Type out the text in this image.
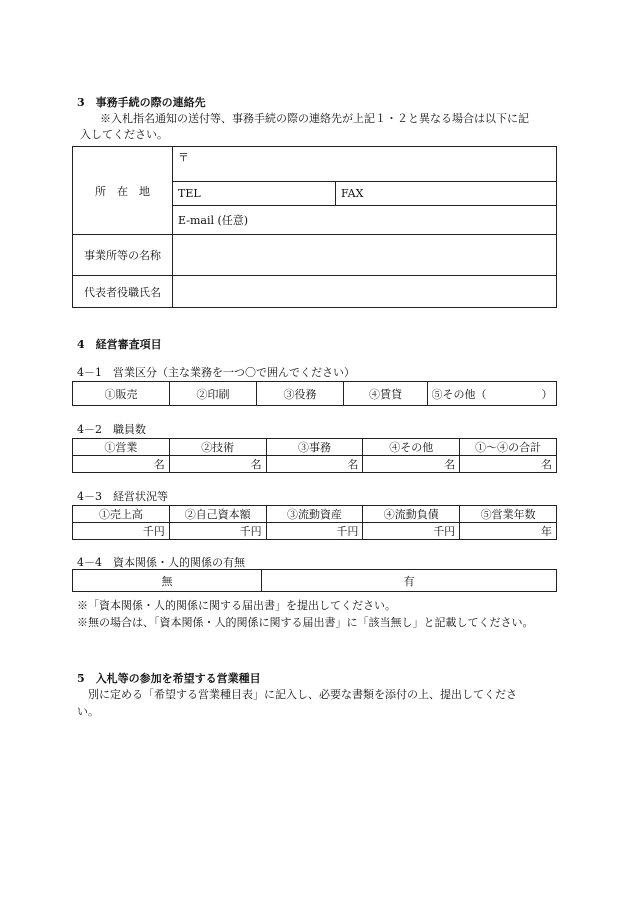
3　事務手続の際の連絡先
※入札指名通知の送付等、事務手続の際の連絡先が上記１・２と異なる場合は以下に記
入してください。
所　在　地	〒	
	TEL	FAX
	E-mail (任意)	
事業所等の名称		
代表者役職氏名		
4　経営審査項目
4－1　営業区分（主な業務を一つ〇で囲んでください）
①販売	②印刷	③役務	④賃貸	⑤その他（　　　　　）
4－2　職員数
①営業	②技術	③事務	④その他	①～④の合計
名	名	名	名	名
4－3　経営状況等
①売上高	②自己資本額	③流動資産	④流動負債	⑤営業年数
千円	千円	千円	千円	年
4－4　資本関係・人的関係の有無
無	有
※「資本関係・人的関係に関する届出書」を提出してください。
※無の場合は、「資本関係・人的関係に関する届出書」に「該当無し」と記載してください。
5　入札等の参加を希望する営業種目
別に定める「希望する営業種目表」に記入し、必要な書類を添付の上、提出してくださ
い。
